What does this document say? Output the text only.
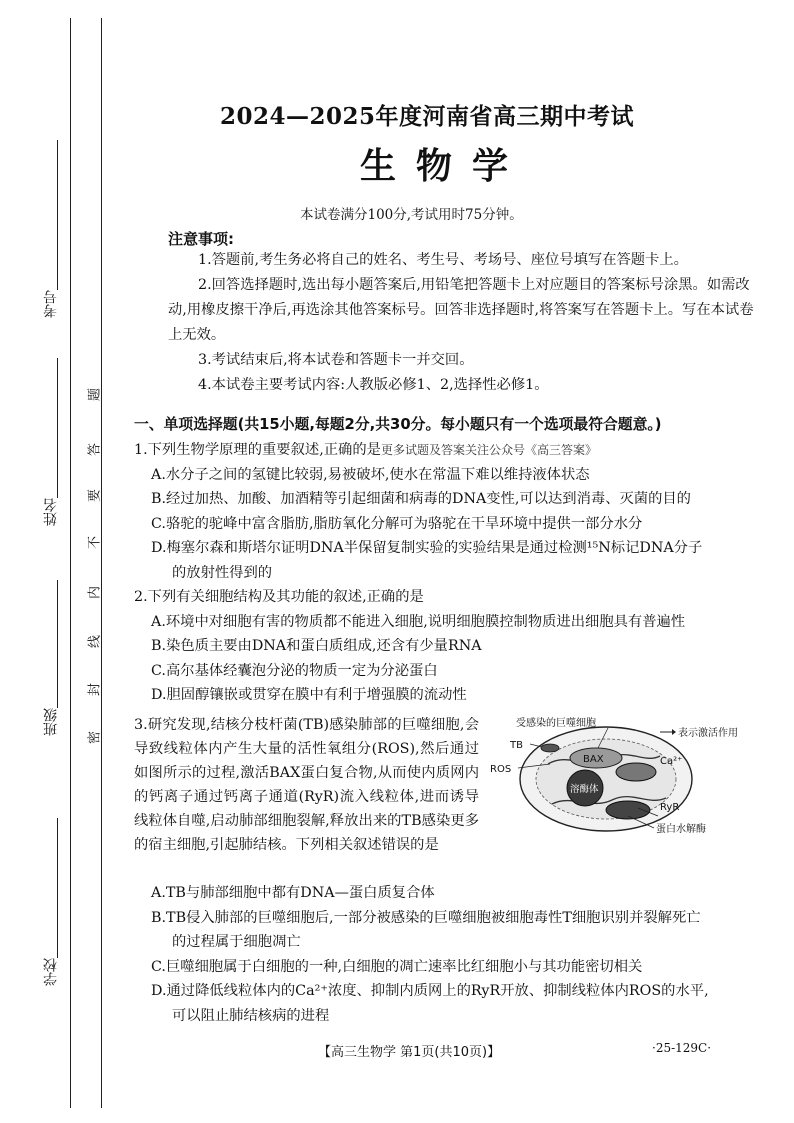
考号
姓名
班级
学校
题
答
要
不
内
线
封
密
2024—2025年度河南省高三期中考试
生物学
本试卷满分100分,考试用时75分钟。
注意事项:

1.答题前,考生务必将自己的姓名、考生号、考场号、座位号填写在答题卡上。

2.回答选择题时,选出每小题答案后,用铅笔把答题卡上对应题目的答案标号涂黑。如需改动,用橡皮擦干净后,再选涂其他答案标号。回答非选择题时,将答案写在答题卡上。写在本试卷上无效。

3.考试结束后,将本试卷和答题卡一并交回。

4.本试卷主要考试内容:人教版必修1、2,选择性必修1。

一、单项选择题(共15小题,每题2分,共30分。每小题只有一个选项最符合题意。)

1.下列生物学原理的重要叙述,正确的是更多试题及答案关注公众号《高三答案》

A.水分子之间的氢键比较弱,易被破坏,使水在常温下难以维持液体状态

B.经过加热、加酸、加酒精等引起细菌和病毒的DNA变性,可以达到消毒、灭菌的目的

C.骆驼的驼峰中富含脂肪,脂肪氧化分解可为骆驼在干旱环境中提供一部分水分

D.梅塞尔森和斯塔尔证明DNA半保留复制实验的实验结果是通过检测¹⁵N标记DNA分子

的放射性得到的

2.下列有关细胞结构及其功能的叙述,正确的是

A.环境中对细胞有害的物质都不能进入细胞,说明细胞膜控制物质进出细胞具有普遍性

B.染色质主要由DNA和蛋白质组成,还含有少量RNA

C.高尔基体经囊泡分泌的物质一定为分泌蛋白

D.胆固醇镶嵌或贯穿在膜中有利于增强膜的流动性

3.研究发现,结核分枝杆菌(TB)感染肺部的巨噬细胞,会导致线粒体内产生大量的活性氧组分(ROS),然后通过如图所示的过程,激活BAX蛋白复合物,从而使内质网内的钙离子通过钙离子通道(RyR)流入线粒体,进而诱导线粒体自噬,启动肺部细胞裂解,释放出来的TB感染更多的宿主细胞,引起肺结核。下列相关叙述错误的是
受感染的巨噬细胞
表示激活作用
TB
ROS
BAX	Ca²⁺
溶酶体
RyR
蛋白水解酶

A.TB与肺部细胞中都有DNA—蛋白质复合体

B.TB侵入肺部的巨噬细胞后,一部分被感染的巨噬细胞被细胞毒性T细胞识别并裂解死亡

的过程属于细胞凋亡

C.巨噬细胞属于白细胞的一种,白细胞的凋亡速率比红细胞小与其功能密切相关

D.通过降低线粒体内的Ca²⁺浓度、抑制内质网上的RyR开放、抑制线粒体内ROS的水平,

可以阻止肺结核病的进程

【高三生物学 第1页(共10页)】	·25-129C·
